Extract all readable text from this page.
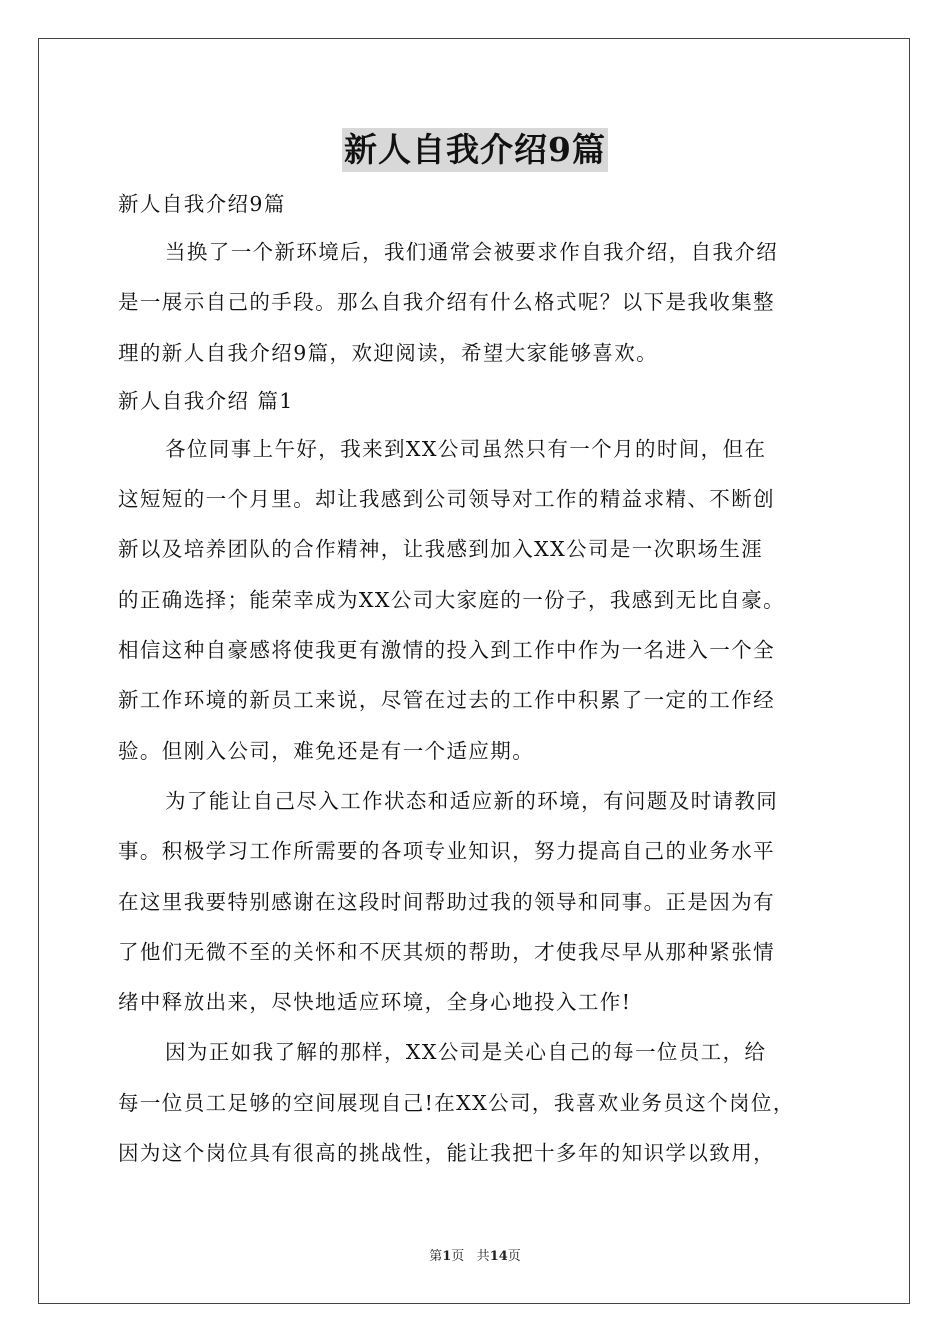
新人自我介绍9篇

新人自我介绍9篇

当换了一个新环境后，我们通常会被要求作自我介绍，自我介绍

是一展示自己的手段。那么自我介绍有什么格式呢？以下是我收集整

理的新人自我介绍9篇，欢迎阅读，希望大家能够喜欢。

新人自我介绍 篇1

各位同事上午好，我来到XX公司虽然只有一个月的时间，但在

这短短的一个月里。却让我感到公司领导对工作的精益求精、不断创

新以及培养团队的合作精神，让我感到加入XX公司是一次职场生涯

的正确选择；能荣幸成为XX公司大家庭的一份子，我感到无比自豪。

相信这种自豪感将使我更有激情的投入到工作中作为一名进入一个全

新工作环境的新员工来说，尽管在过去的工作中积累了一定的工作经

验。但刚入公司，难免还是有一个适应期。

为了能让自己尽入工作状态和适应新的环境，有问题及时请教同

事。积极学习工作所需要的各项专业知识，努力提高自己的业务水平

在这里我要特别感谢在这段时间帮助过我的领导和同事。正是因为有

了他们无微不至的关怀和不厌其烦的帮助，才使我尽早从那种紧张情

绪中释放出来，尽快地适应环境，全身心地投入工作!

因为正如我了解的那样，XX公司是关心自己的每一位员工，给

每一位员工足够的空间展现自己!在XX公司，我喜欢业务员这个岗位，

因为这个岗位具有很高的挑战性，能让我把十多年的知识学以致用，

第1页 共14页
